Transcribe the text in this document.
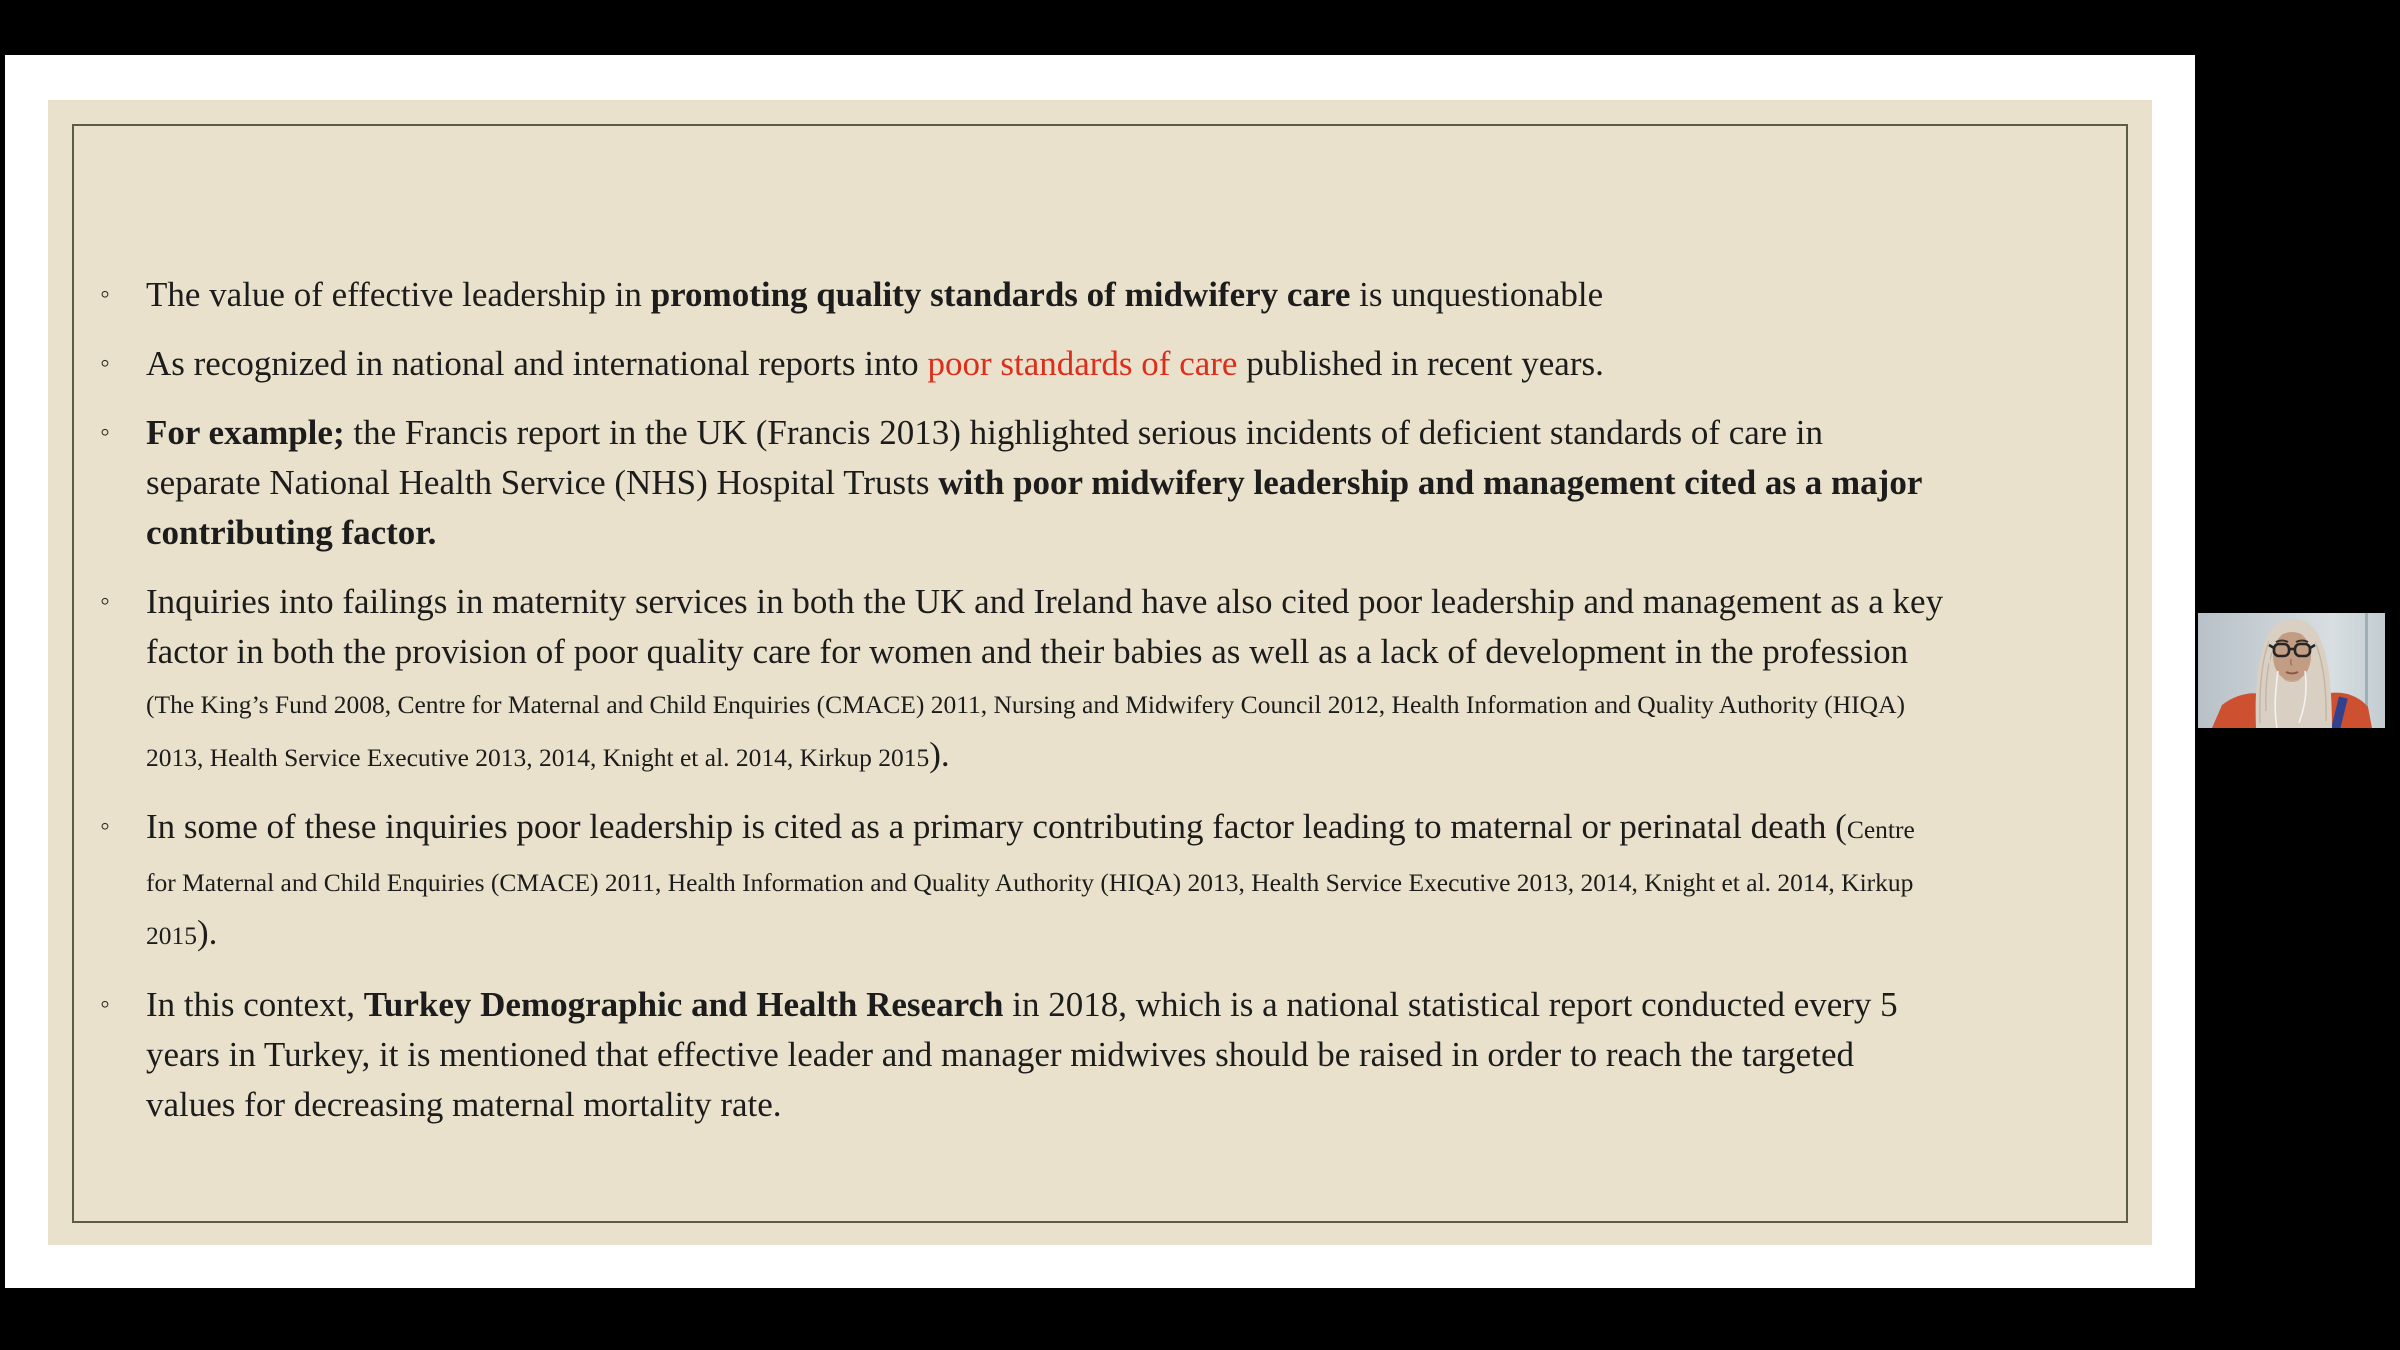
◦	The value of effective leadership in promoting quality standards of midwifery care is unquestionable
◦	As recognized in national and international reports into poor standards of care published in recent years.
◦	For example; the Francis report in the UK (Francis 2013) highlighted serious incidents of deficient standards of care in separate National Health Service (NHS) Hospital Trusts with poor midwifery leadership and management cited as a major contributing factor.
◦	Inquiries into failings in maternity services in both the UK and Ireland have also cited poor leadership and management as a key factor in both the provision of poor quality care for women and their babies as well as a lack of development in the profession (The King’s Fund 2008, Centre for Maternal and Child Enquiries (CMACE) 2011, Nursing and Midwifery Council 2012, Health Information and Quality Authority (HIQA) 2013, Health Service Executive 2013, 2014, Knight et al. 2014, Kirkup 2015).
◦	In some of these inquiries poor leadership is cited as a primary contributing factor leading to maternal or perinatal death (Centre for Maternal and Child Enquiries (CMACE) 2011, Health Information and Quality Authority (HIQA) 2013, Health Service Executive 2013, 2014, Knight et al. 2014, Kirkup 2015).
◦	In this context, Turkey Demographic and Health Research in 2018, which is a national statistical report conducted every 5 years in Turkey, it is mentioned that effective leader and manager midwives should be raised in order to reach the targeted values for decreasing maternal mortality rate.
